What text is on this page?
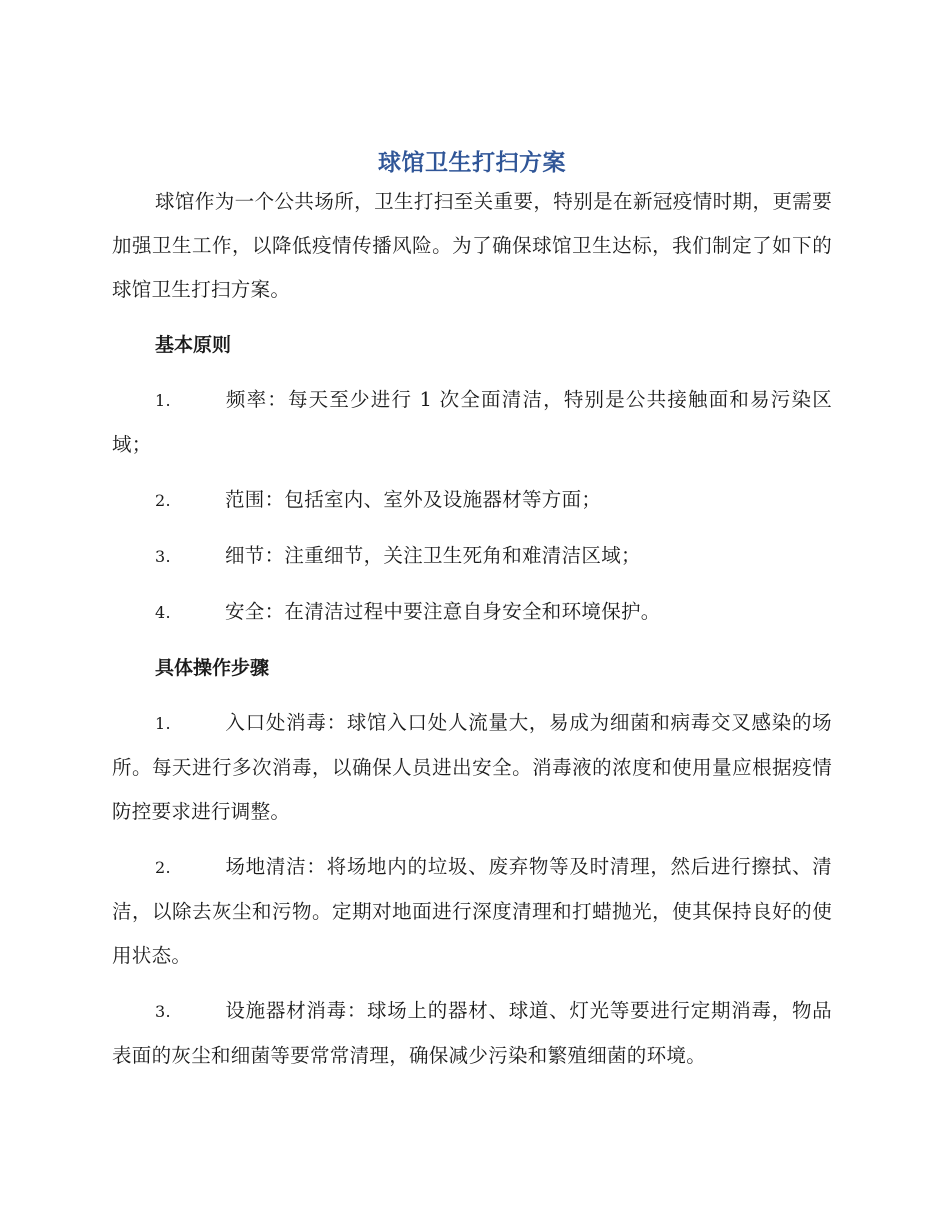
球馆卫生打扫方案

球馆作为一个公共场所，卫生打扫至关重要，特别是在新冠疫情时期，更需要加强卫生工作，以降低疫情传播风险。为了确保球馆卫生达标，我们制定了如下的球馆卫生打扫方案。

基本原则
1.	频率：每天至少进行 1 次全面清洁，特别是公共接触面和易污染区域；
2.	范围：包括室内、室外及设施器材等方面；
3.	细节：注重细节，关注卫生死角和难清洁区域；
4.	安全：在清洁过程中要注意自身安全和环境保护。
具体操作步骤
1.	入口处消毒：球馆入口处人流量大，易成为细菌和病毒交叉感染的场所。每天进行多次消毒，以确保人员进出安全。消毒液的浓度和使用量应根据疫情防控要求进行调整。
2.	场地清洁：将场地内的垃圾、废弃物等及时清理，然后进行擦拭、清洁，以除去灰尘和污物。定期对地面进行深度清理和打蜡抛光，使其保持良好的使用状态。
3.	设施器材消毒：球场上的器材、球道、灯光等要进行定期消毒，物品表面的灰尘和细菌等要常常清理，确保减少污染和繁殖细菌的环境。
